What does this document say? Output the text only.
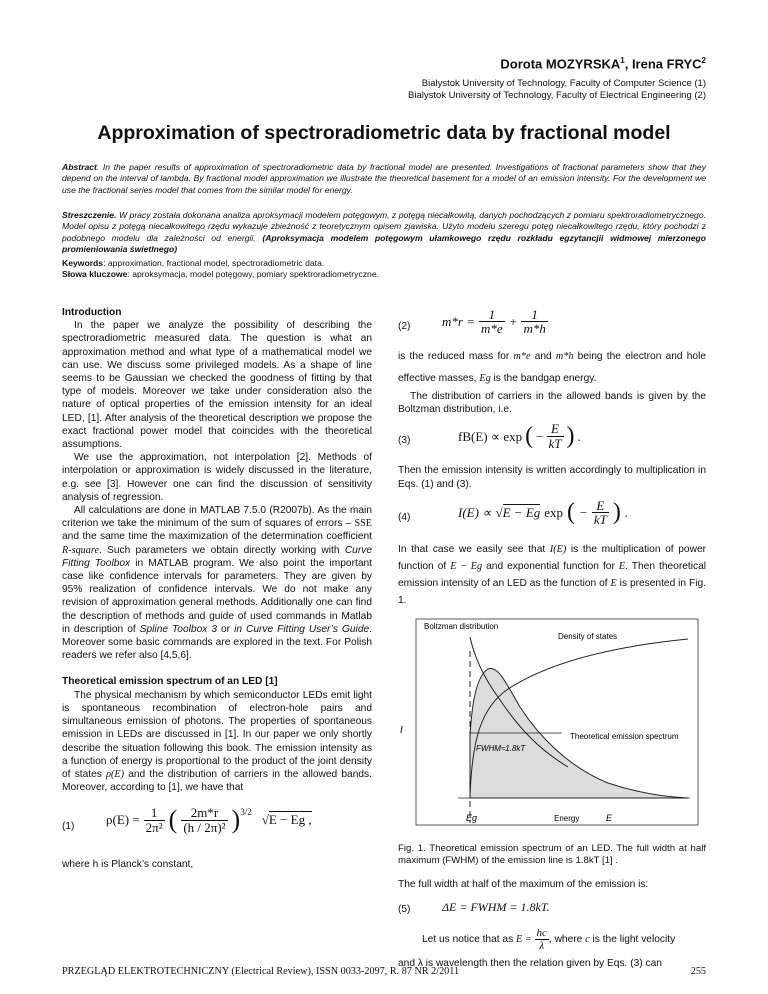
Dorota MOZYRSKA$^1$, Irena FRYC$^2$
Bialystok University of Technology, Faculty of Computer Science (1)
Bialystok University of Technology, Faculty of Electrical Engineering (2)
Approximation of spectroradiometric data by fractional model
Abstract. In the paper results of approximation of spectroradiometric data by fractional model are presented. Investigations of fractional parameters show that they depend on the interval of lambda. By fractional model approximation we illustrate the theoretical basement for a model of an emission intensity. For the development we use the fractional series model that comes from the similar model for energy.
Streszczenie. W pracy została dokonana analiza aproksymacji modelem potęgowym, z potęgą niecałkowitą, danych pochodzących z pomiaru spektroradiometrycznego. Model opisu z potęgą niecałkowitego rzędu wykazuje zbieżność z teoretycznym opisem zjawiska. Użyto modelu szeregu potęg niecałkowitego rzędu, który pochodzi z podobnego modelu dla zależności od energii. (Aproksymacja modelem potęgowym ułamkowego rzędu rozkładu egzytancjii widmowej mierzonego promieniowania świetlnego)
Keywords: approximation, fractional model, spectroradiometric data.
Słowa kluczowe: aproksymacja, model potęgowy, pomiary spektroradiometryczne.

Introduction

In the paper we analyze the possibility of describing the spectroradiometric measured data. The question is what an approximation method and what type of a mathematical model we can use. We discuss some privileged models. As a shape of line seems to be Gaussian we checked the goodness of fitting by that type of models. Moreover we take under consideration also the nature of optical properties of the emission intensity for an ideal LED, [1]. After analysis of the theoretical description we propose the exact fractional power model that coincides with the theoretical assumptions.

We use the approximation, not interpolation [2]. Methods of interpolation or approximation is widely discussed in the literature, e.g. see [3]. However one can find the discussion of sensitivity analysis of regression.

All calculations are done in MATLAB 7.5.0 (R2007b). As the main criterion we take the minimum of the sum of squares of errors – SSE and the same time the maximization of the determination coefficient R-square. Such parameters we obtain directly working with Curve Fitting Toolbox in MATLAB program. We also point the important case like confidence intervals for parameters. They are given by 95% realization of confidence intervals. We do not make any revision of approximation general methods. Additionally one can find the description of methods and guide of used commands in Matlab in description of Spline Toolbox 3 or in Curve Fitting User’s Guide. Moreover some basic commands are explored in the text. For Polish readers we refer also [4,5,6].

Theoretical emission spectrum of an LED [1]

The physical mechanism by which semiconductor LEDs emit light is spontaneous recombination of electron-hole pairs and simultaneous emission of photons. The properties of spontaneous emission in LEDs are discussed in [1]. In our paper we only shortly describe the situation following this book. The emission intensity as a function of energy is proportional to the product of the joint density of states ρ(E) and the distribution of carriers in the allowed bands. Moreover, according to [1], we have that

(1) $\rho(E) = \frac{1}{\text{2π²}}$ ( $\frac{2m*r}{\text{(h / 2π)²}} )^{3/2}$
√E − Eg ,

where h is Planck’s constant,

(2) $m*r = \frac{1}{m*e} + \frac{1}{m*h}$

is the reduced mass for m*e and m*h being the electron and hole effective masses, Eg is the bandgap energy.

The distribution of carriers in the allowed bands is given by the Boltzman distribution, i.e.

(3)	fB(E) ∝ exp ( − $\frac{E}{kT}$ ) .

Then the emission intensity is written accordingly to multiplication in Eqs. (1) and (3).

(4)	I(E) ∝ √E − Eg exp ( − $\frac{E}{kT}$ ) .

In that case we easily see that I(E) is the multiplication of power function of E − Eg and exponential function for E. Then theoretical emission intensity of an LED as the function of E is presented in Fig. 1.

Boltzman distribution
Density of states
Theoretical emission spectrum
FWHM≈1.8kT
I
Eg	Energy	E

Fig. 1. Theoretical emission spectrum of an LED. The full width at half maximum (FWHM) of the emission line is 1.8kT [1] .

The full width at half of the maximum of the emission is:

(5)	ΔE = FWHM = 1.8kT.

Let us notice that as $E = \frac{hc}{\lambda}$ , where c is the light velocity

and λ is wavelength then the relation given by Eqs. (3) can

PRZEGLĄD ELEKTROTECHNICZNY (Electrical Review), ISSN 0033-2097, R. 87 NR 2/2011	255
